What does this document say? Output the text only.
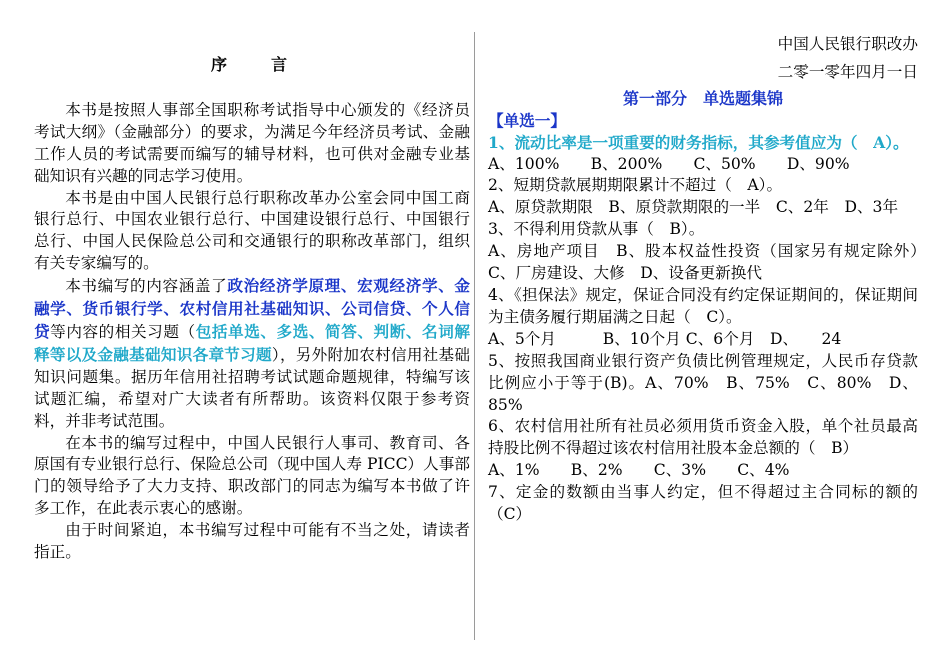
序　言

本书是按照人事部全国职称考试指导中心颁发的《经济员考试大纲》（金融部分）的要求，为满足今年经济员考试、金融工作人员的考试需要而编写的辅导材料，也可供对金融专业基础知识有兴趣的同志学习使用。

本书是由中国人民银行总行职称改革办公室会同中国工商银行总行、中国农业银行总行、中国建设银行总行、中国银行总行、中国人民保险总公司和交通银行的职称改革部门，组织有关专家编写的。

本书编写的内容涵盖了政治经济学原理、宏观经济学、金融学、货币银行学、农村信用社基础知识、公司信贷、个人信贷等内容的相关习题（包括单选、多选、简答、判断、名词解释等以及金融基础知识各章节习题），另外附加农村信用社基础知识问题集。据历年信用社招聘考试试题命题规律，特编写该试题汇编，希望对广大读者有所帮助。该资料仅限于参考资料，并非考试范围。

在本书的编写过程中，中国人民银行人事司、教育司、各原国有专业银行总行、保险总公司（现中国人寿 PICC）人事部门的领导给予了大力支持、职改部门的同志为编写本书做了许多工作，在此表示衷心的感谢。

由于时间紧迫，本书编写过程中可能有不当之处，请读者指正。

中国人民银行职改办
二零一零年四月一日
第一部分　单选题集锦
【单选一】
1、流动比率是一项重要的财务指标，其参考值应为（　A）。
A、100%　　B、200%　　C、50%　　D、90%
2、短期贷款展期期限累计不超过（　A）。
A、原贷款期限　B、原贷款期限的一半　C、2年　D、3年
3、不得利用贷款从事（　B）。
A、房地产项目　B、股本权益性投资（国家另有规定除外）　　C、厂房建设、大修　D、设备更新换代
4、《担保法》规定，保证合同没有约定保证期间的，保证期间为主债务履行期届满之日起（　C）。
A、5个月　　　B、10个月 C、6个月　D、　　24
5、按照我国商业银行资产负债比例管理规定，人民币存贷款比例应小于等于(B)。A、70%　B、75%　C、80%　D、85%
6、农村信用社所有社员必须用货币资金入股，单个社员最高持股比例不得超过该农村信用社股本金总额的（　B）
A、1%　　B、2%　　C、3%　　C、4%
7、定金的数额由当事人约定，但不得超过主合同标的额的（C）
